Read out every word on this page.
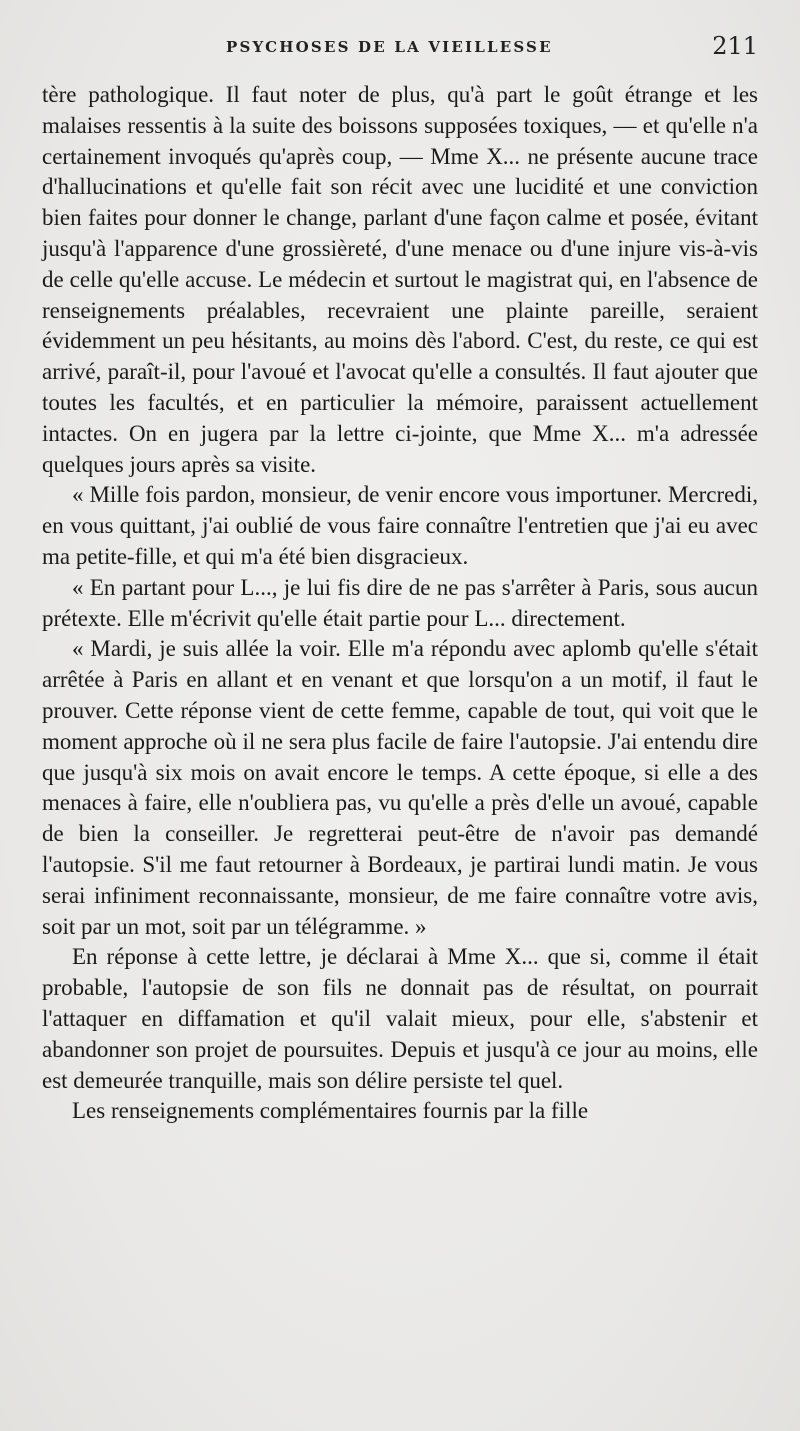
PSYCHOSES DE LA VIEILLESSE	211

tère pathologique. Il faut noter de plus, qu'à part le goût étrange et les malaises ressentis à la suite des boissons supposées toxiques, — et qu'elle n'a certainement invoqués qu'après coup, — Mme X... ne présente aucune trace d'hallucinations et qu'elle fait son récit avec une lucidité et une conviction bien faites pour donner le change, parlant d'une façon calme et posée, évitant jusqu'à l'apparence d'une grossièreté, d'une menace ou d'une injure vis-à-vis de celle qu'elle accuse. Le médecin et surtout le magistrat qui, en l'absence de renseignements préalables, recevraient une plainte pareille, seraient évidemment un peu hésitants, au moins dès l'abord. C'est, du reste, ce qui est arrivé, paraît-il, pour l'avoué et l'avocat qu'elle a consultés. Il faut ajouter que toutes les facultés, et en particulier la mémoire, paraissent actuellement intactes. On en jugera par la lettre ci-jointe, que Mme X... m'a adressée quelques jours après sa visite.

« Mille fois pardon, monsieur, de venir encore vous importuner. Mercredi, en vous quittant, j'ai oublié de vous faire connaître l'entretien que j'ai eu avec ma petite-fille, et qui m'a été bien disgracieux.

« En partant pour L..., je lui fis dire de ne pas s'arrêter à Paris, sous aucun prétexte. Elle m'écrivit qu'elle était partie pour L... directement.

« Mardi, je suis allée la voir. Elle m'a répondu avec aplomb qu'elle s'était arrêtée à Paris en allant et en venant et que lorsqu'on a un motif, il faut le prouver. Cette réponse vient de cette femme, capable de tout, qui voit que le moment approche où il ne sera plus facile de faire l'autopsie. J'ai entendu dire que jusqu'à six mois on avait encore le temps. A cette époque, si elle a des menaces à faire, elle n'oubliera pas, vu qu'elle a près d'elle un avoué, capable de bien la conseiller. Je regretterai peut-être de n'avoir pas demandé l'autopsie. S'il me faut retourner à Bordeaux, je partirai lundi matin. Je vous serai infiniment reconnaissante, monsieur, de me faire connaître votre avis, soit par un mot, soit par un télégramme. »

En réponse à cette lettre, je déclarai à Mme X... que si, comme il était probable, l'autopsie de son fils ne donnait pas de résultat, on pourrait l'attaquer en diffamation et qu'il valait mieux, pour elle, s'abstenir et abandonner son projet de poursuites. Depuis et jusqu'à ce jour au moins, elle est demeurée tranquille, mais son délire persiste tel quel.

Les renseignements complémentaires fournis par la fille
